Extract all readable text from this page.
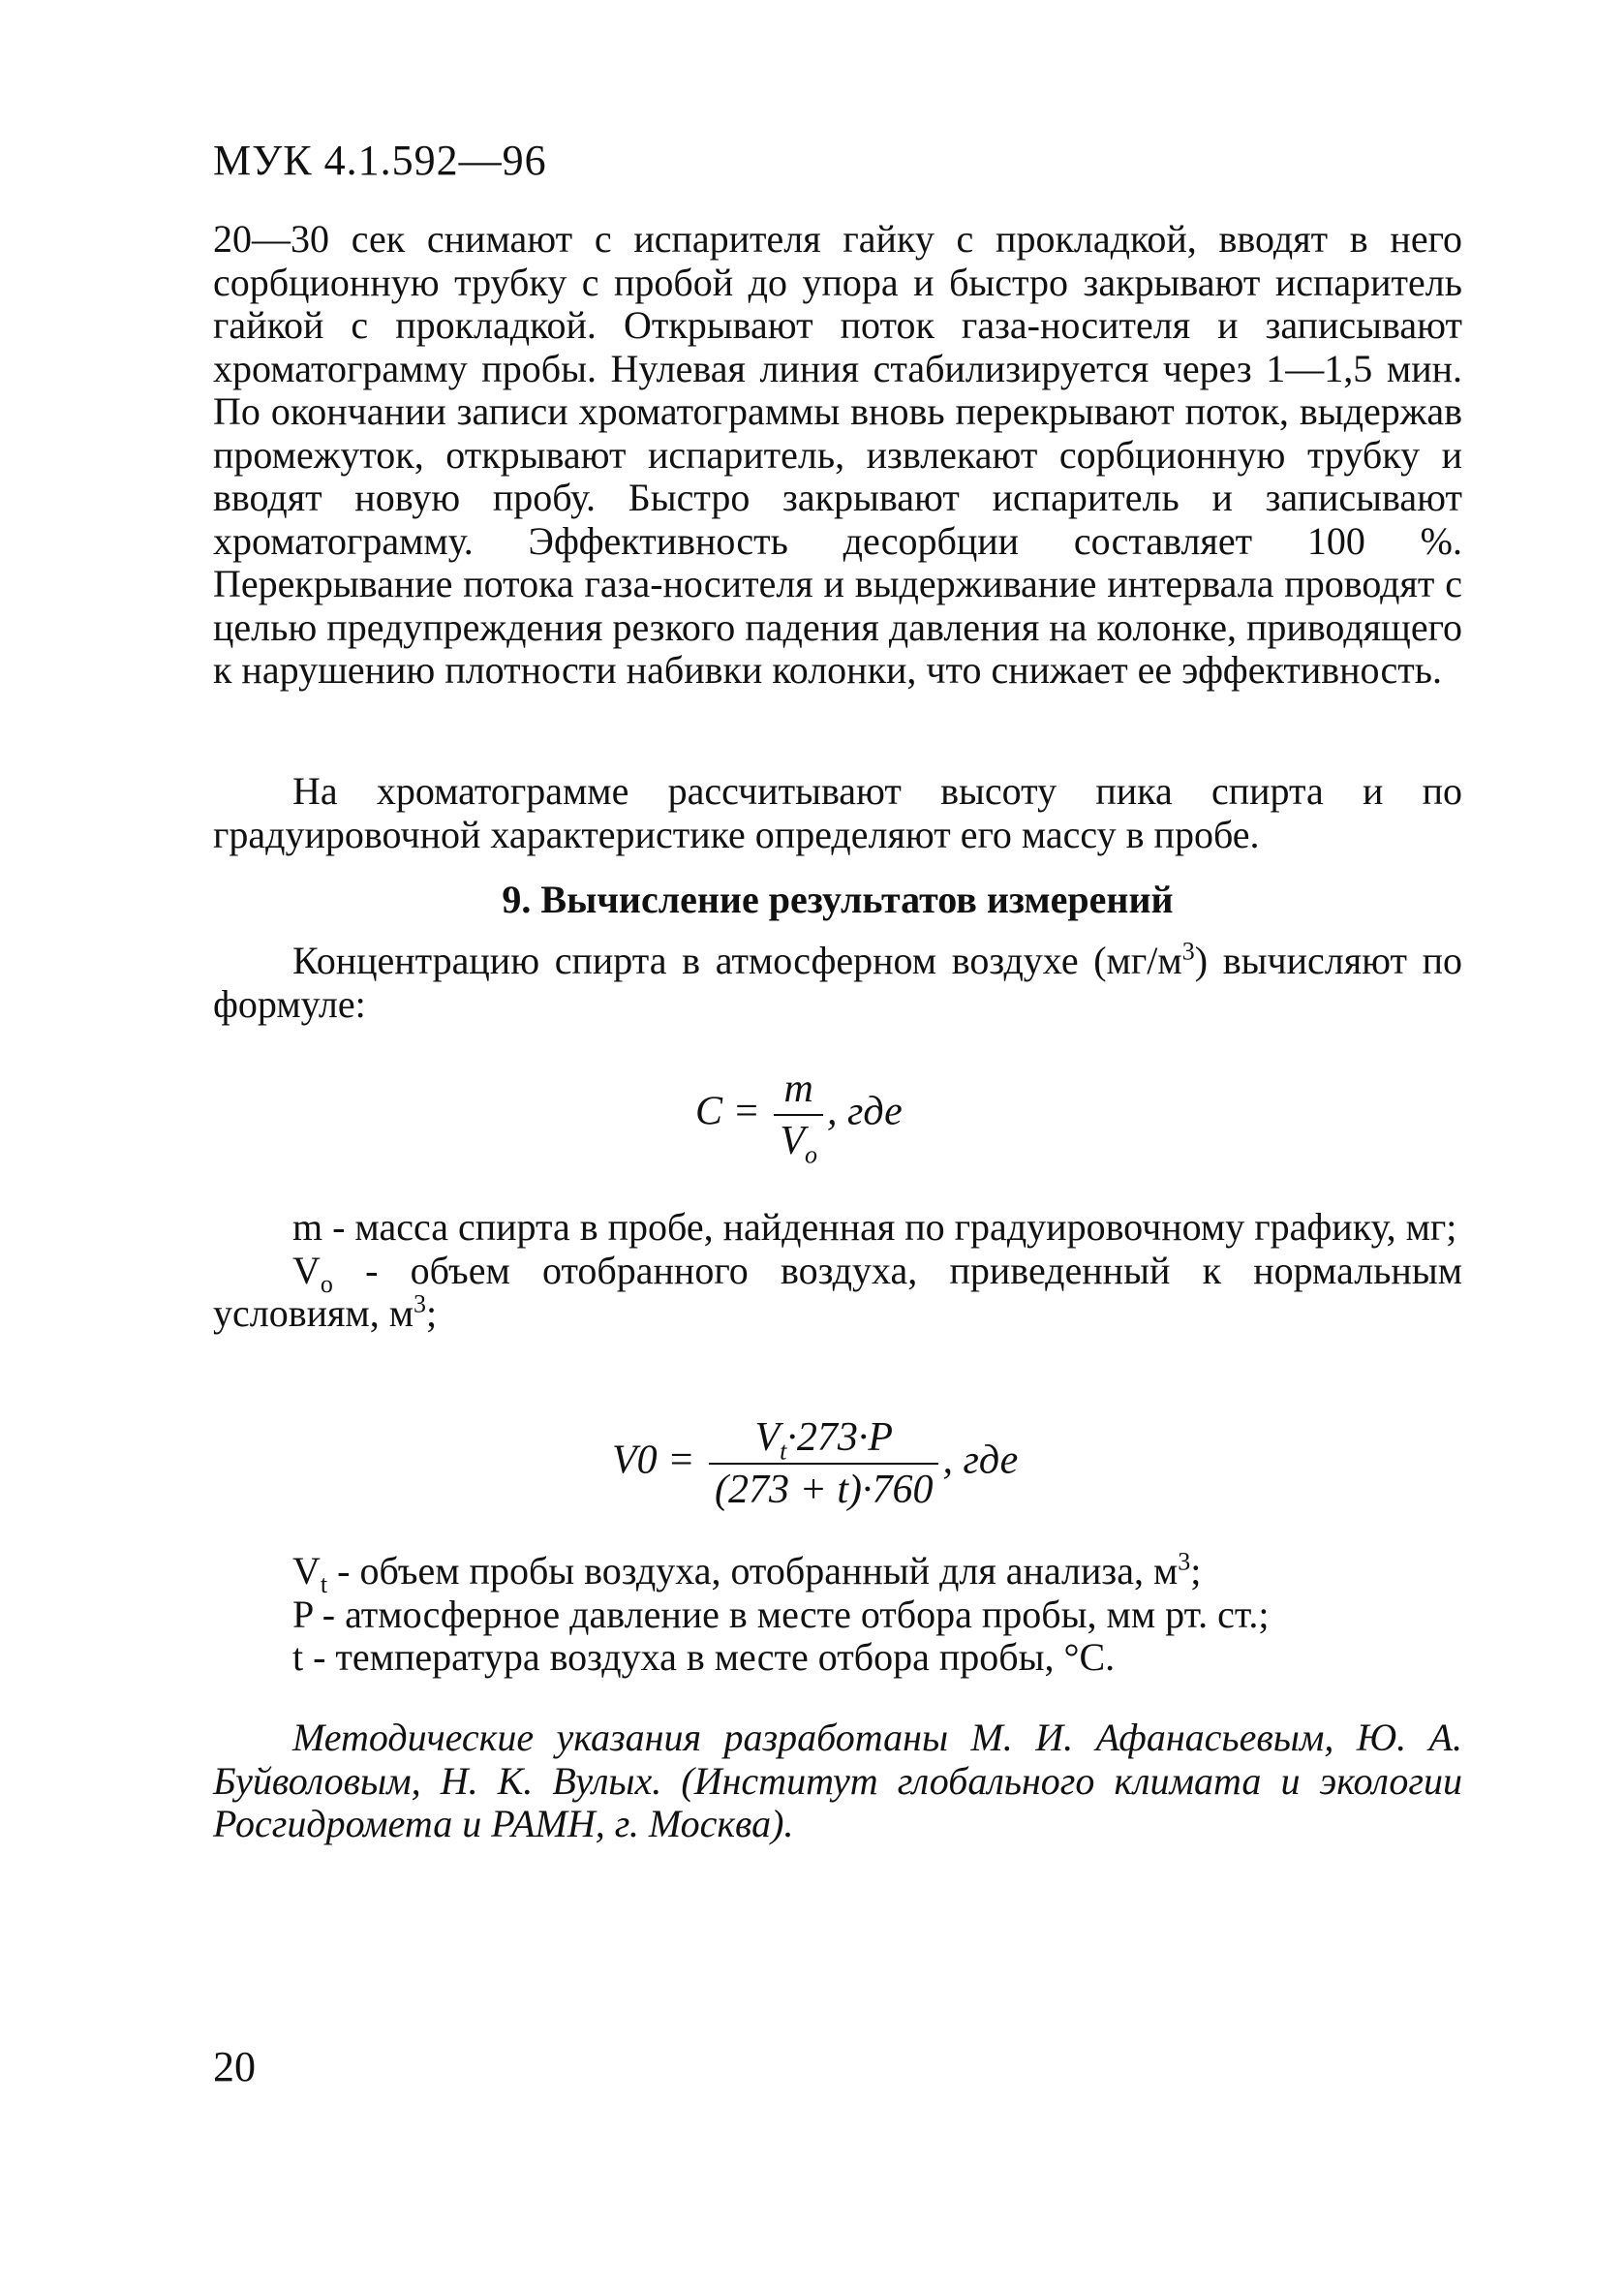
МУК 4.1.592—96

20—30 сек снимают с испарителя гайку с прокладкой, вводят в него сорбционную трубку с пробой до упора и быстро закрывают испаритель гайкой с прокладкой. Открывают поток газа-носителя и записывают хроматограмму пробы. Нулевая линия стабилизируется через 1—1,5 мин. По окончании записи хроматограммы вновь перекрывают поток, выдержав промежуток, открывают испаритель, извлекают сорбционную трубку и вводят новую пробу. Быстро закрывают испаритель и записывают хроматограмму. Эффективность десорбции составляет 100 %. Перекрывание потока газа-носителя и выдерживание интервала проводят с целью предупреждения резкого падения давления на колонке, приводящего к нарушению плотности набивки колонки, что снижает ее эффективность.

На хроматограмме рассчитывают высоту пика спирта и по градуировочной характеристике определяют его массу в пробе.

9. Вычисление результатов измерений

Концентрацию спирта в атмосферном воздухе $(мг/м^3)$ вычисляют по формуле:

$C = \frac{m}{V_o}$ , где
m - масса спирта в пробе, найденная по градуировочному графику, мг;
$V_o$ - объем отобранного воздуха, приведенный к нормальным условиям, $м^3$;
$V0 = \frac{V_t\cdot 273\cdot P}{(273 + t)\cdot 760}$ , где
$V_t$ - объем пробы воздуха, отобранный для анализа, $м^3$;
P - атмосферное давление в месте отбора пробы, мм рт. ст.;
t - температура воздуха в месте отбора пробы, °С.

Методические указания разработаны М. И. Афанасьевым, Ю. А. Буйволовым, Н. К. Вулых. (Институт глобального климата и экологии Росгидромета и РАМН, г. Москва).

20
